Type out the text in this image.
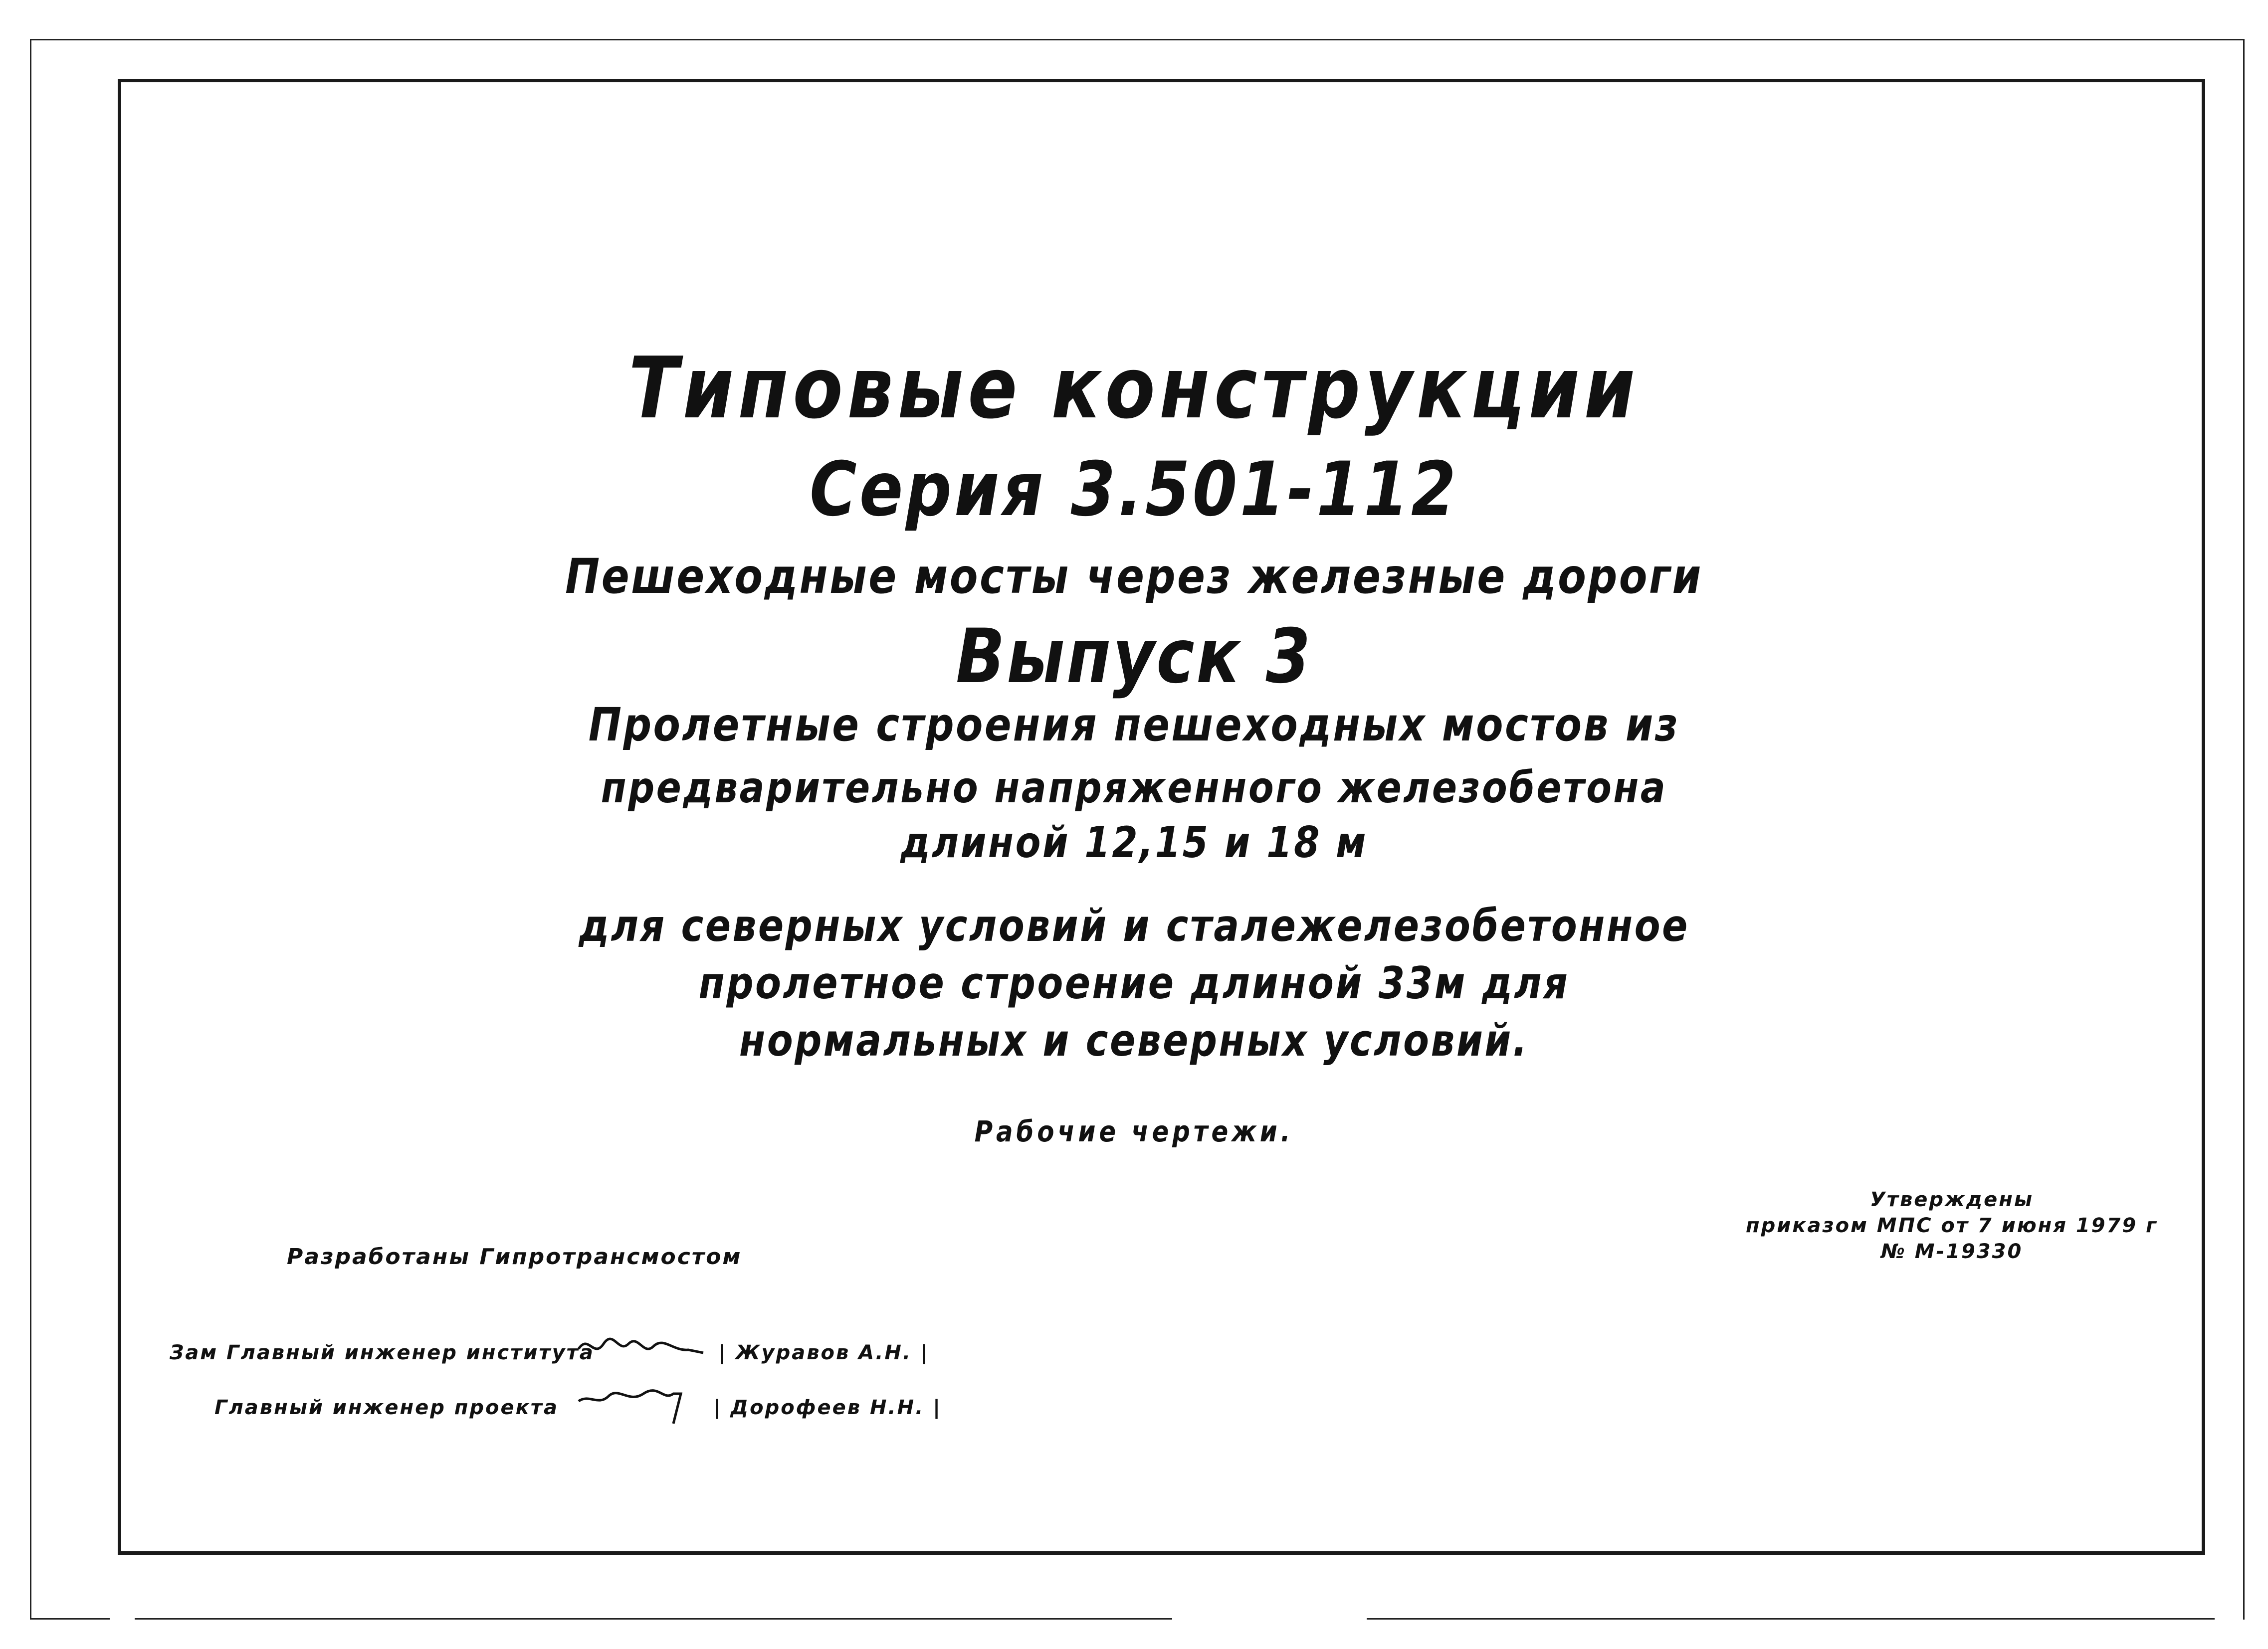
Типовые конструкции
Серия 3.501-112
Пешеходные мосты через железные дороги
Выпуск 3
Пролетные строения пешеходных мостов из
предварительно напряженного железобетона
длиной 12,15 и 18 м
для северных условий и сталежелезобетонное
пролетное строение длиной 33м для
нормальных и северных условий.
Рабочие чертежи.
Утверждены
приказом МПС от 7 июня 1979 г
№ М-19330
Разработаны Гипротрансмостом
Зам Главный инженер института	| Журавов А.Н. |
Главный инженер проекта	| Дорофеев Н.Н. |
